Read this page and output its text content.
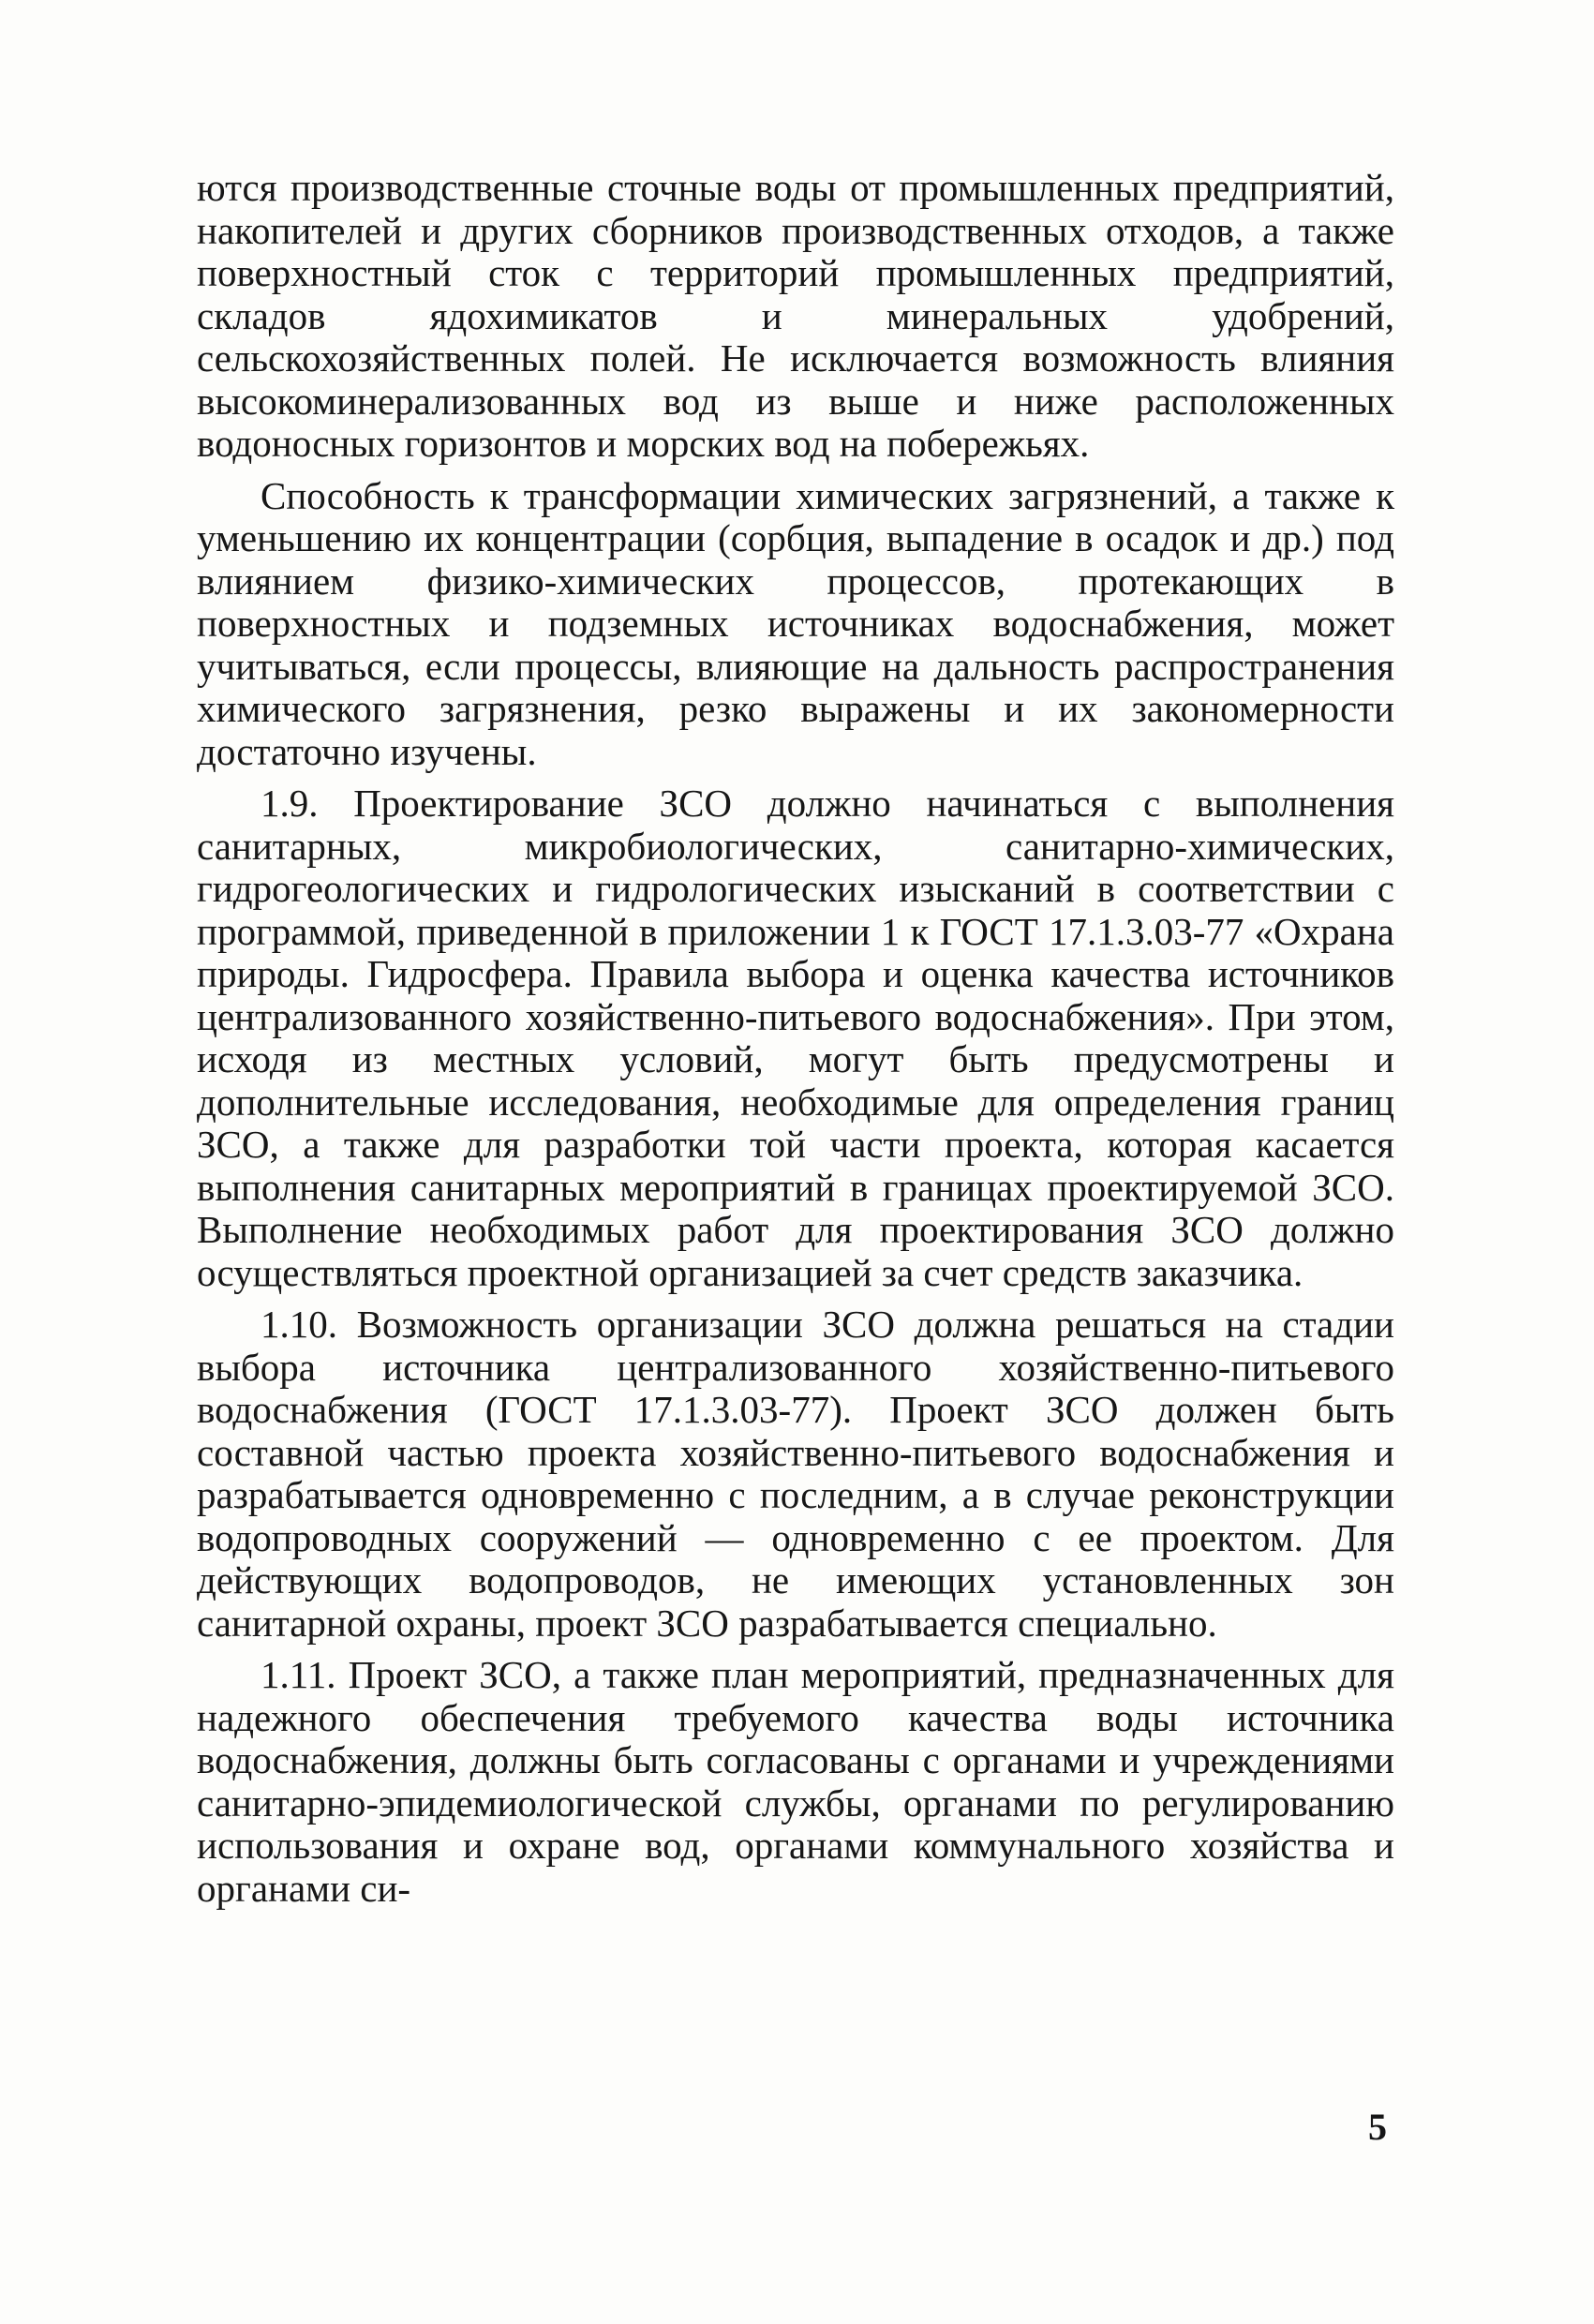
ются производственные сточные воды от промышленных предприятий, накопителей и других сборников производственных отходов, а также поверхностный сток с территорий промышленных предприятий, складов ядохимикатов и минеральных удобрений, сельскохозяйственных полей. Не исключается возможность влияния высокоминерализованных вод из выше и ниже расположенных водоносных горизонтов и морских вод на побережьях.

Способность к трансформации химических загрязнений, а также к уменьшению их концентрации (сорбция, выпадение в осадок и др.) под влиянием физико-химических процессов, протекающих в поверхностных и подземных источниках водоснабжения, может учитываться, если процессы, влияющие на дальность распространения химического загрязнения, резко выражены и их закономерности достаточно изучены.

1.9. Проектирование ЗСО должно начинаться с выполнения санитарных, микробиологических, санитарно-химических, гидрогеологических и гидрологических изысканий в соответствии с программой, приведенной в приложении 1 к ГОСТ 17.1.3.03-77 «Охрана природы. Гидросфера. Правила выбора и оценка качества источников централизованного хозяйственно-питьевого водоснабжения». При этом, исходя из местных условий, могут быть предусмотрены и дополнительные исследования, необходимые для определения границ ЗСО, а также для разработки той части проекта, которая касается выполнения санитарных мероприятий в границах проектируемой ЗСО. Выполнение необходимых работ для проектирования ЗСО должно осуществляться проектной организацией за счет средств заказчика.

1.10. Возможность организации ЗСО должна решаться на стадии выбора источника централизованного хозяйственно-питьевого водоснабжения (ГОСТ 17.1.3.03-77). Проект ЗСО должен быть составной частью проекта хозяйственно-питьевого водоснабжения и разрабатывается одновременно с последним, а в случае реконструкции водопроводных сооружений — одновременно с ее проектом. Для действующих водопроводов, не имеющих установленных зон санитарной охраны, проект ЗСО разрабатывается специально.

1.11. Проект ЗСО, а также план мероприятий, предназначенных для надежного обеспечения требуемого качества воды источника водоснабжения, должны быть согласованы с органами и учреждениями санитарно-эпидемиологической службы, органами по регулированию использования и охране вод, органами коммунального хозяйства и органами си-

5
